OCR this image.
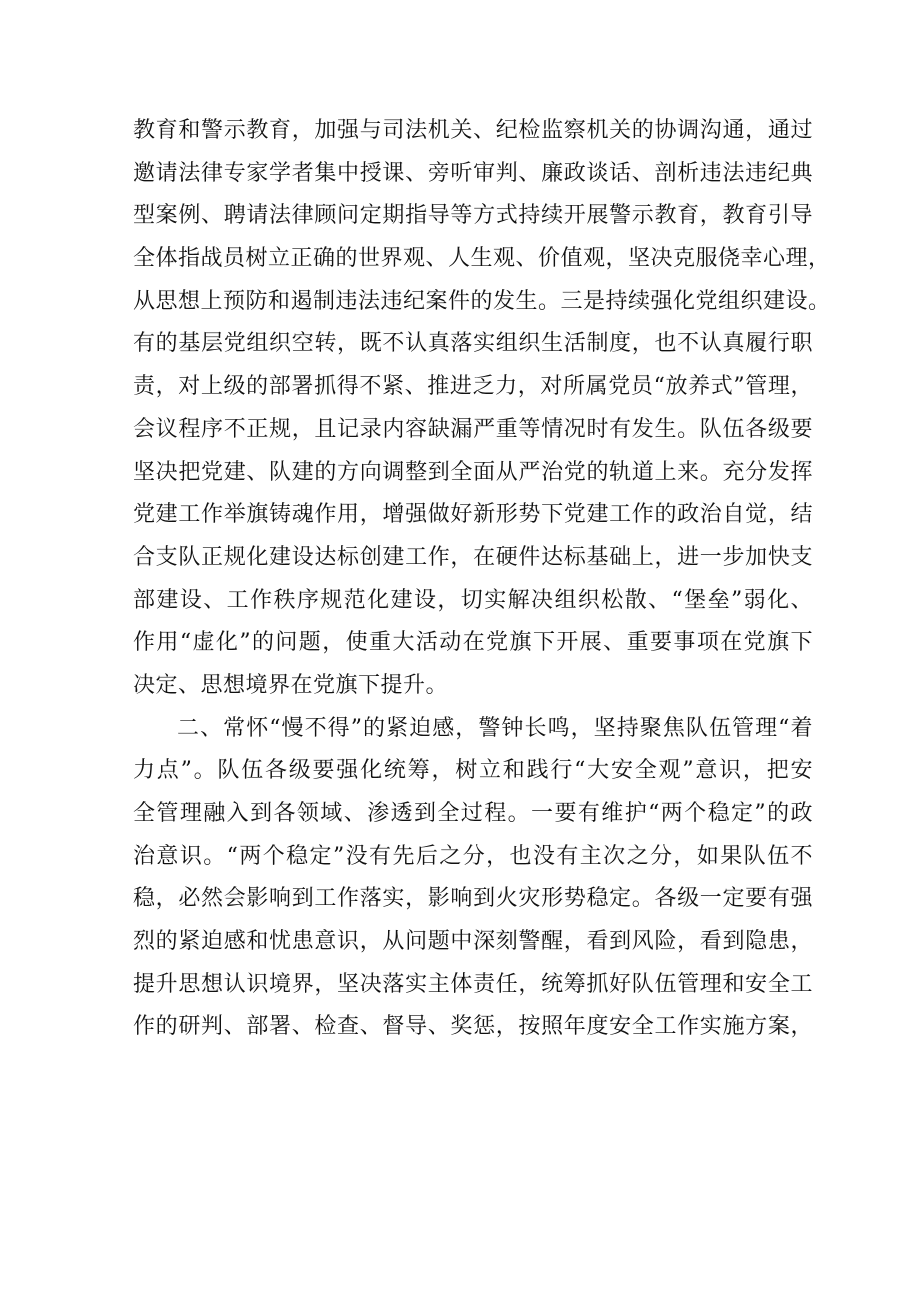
教育和警示教育，加强与司法机关、纪检监察机关的协调沟通，通过
邀请法律专家学者集中授课、旁听审判、廉政谈话、剖析违法违纪典
型案例、聘请法律顾问定期指导等方式持续开展警示教育，教育引导
全体指战员树立正确的世界观、人生观、价值观，坚决克服侥幸心理，
从思想上预防和遏制违法违纪案件的发生。三是持续强化党组织建设。
有的基层党组织空转，既不认真落实组织生活制度，也不认真履行职
责，对上级的部署抓得不紧、推进乏力，对所属党员“放养式”管理，
会议程序不正规，且记录内容缺漏严重等情况时有发生。队伍各级要
坚决把党建、队建的方向调整到全面从严治党的轨道上来。充分发挥
党建工作举旗铸魂作用，增强做好新形势下党建工作的政治自觉，结
合支队正规化建设达标创建工作，在硬件达标基础上，进一步加快支
部建设、工作秩序规范化建设，切实解决组织松散、“堡垒”弱化、
作用“虚化”的问题，使重大活动在党旗下开展、重要事项在党旗下
决定、思想境界在党旗下提升。
二、常怀“慢不得”的紧迫感，警钟长鸣，坚持聚焦队伍管理“着
力点”。队伍各级要强化统筹，树立和践行“大安全观”意识，把安
全管理融入到各领域、渗透到全过程。一要有维护“两个稳定”的政
治意识。“两个稳定”没有先后之分，也没有主次之分，如果队伍不
稳，必然会影响到工作落实，影响到火灾形势稳定。各级一定要有强
烈的紧迫感和忧患意识，从问题中深刻警醒，看到风险，看到隐患，
提升思想认识境界，坚决落实主体责任，统筹抓好队伍管理和安全工
作的研判、部署、检查、督导、奖惩，按照年度安全工作实施方案，
